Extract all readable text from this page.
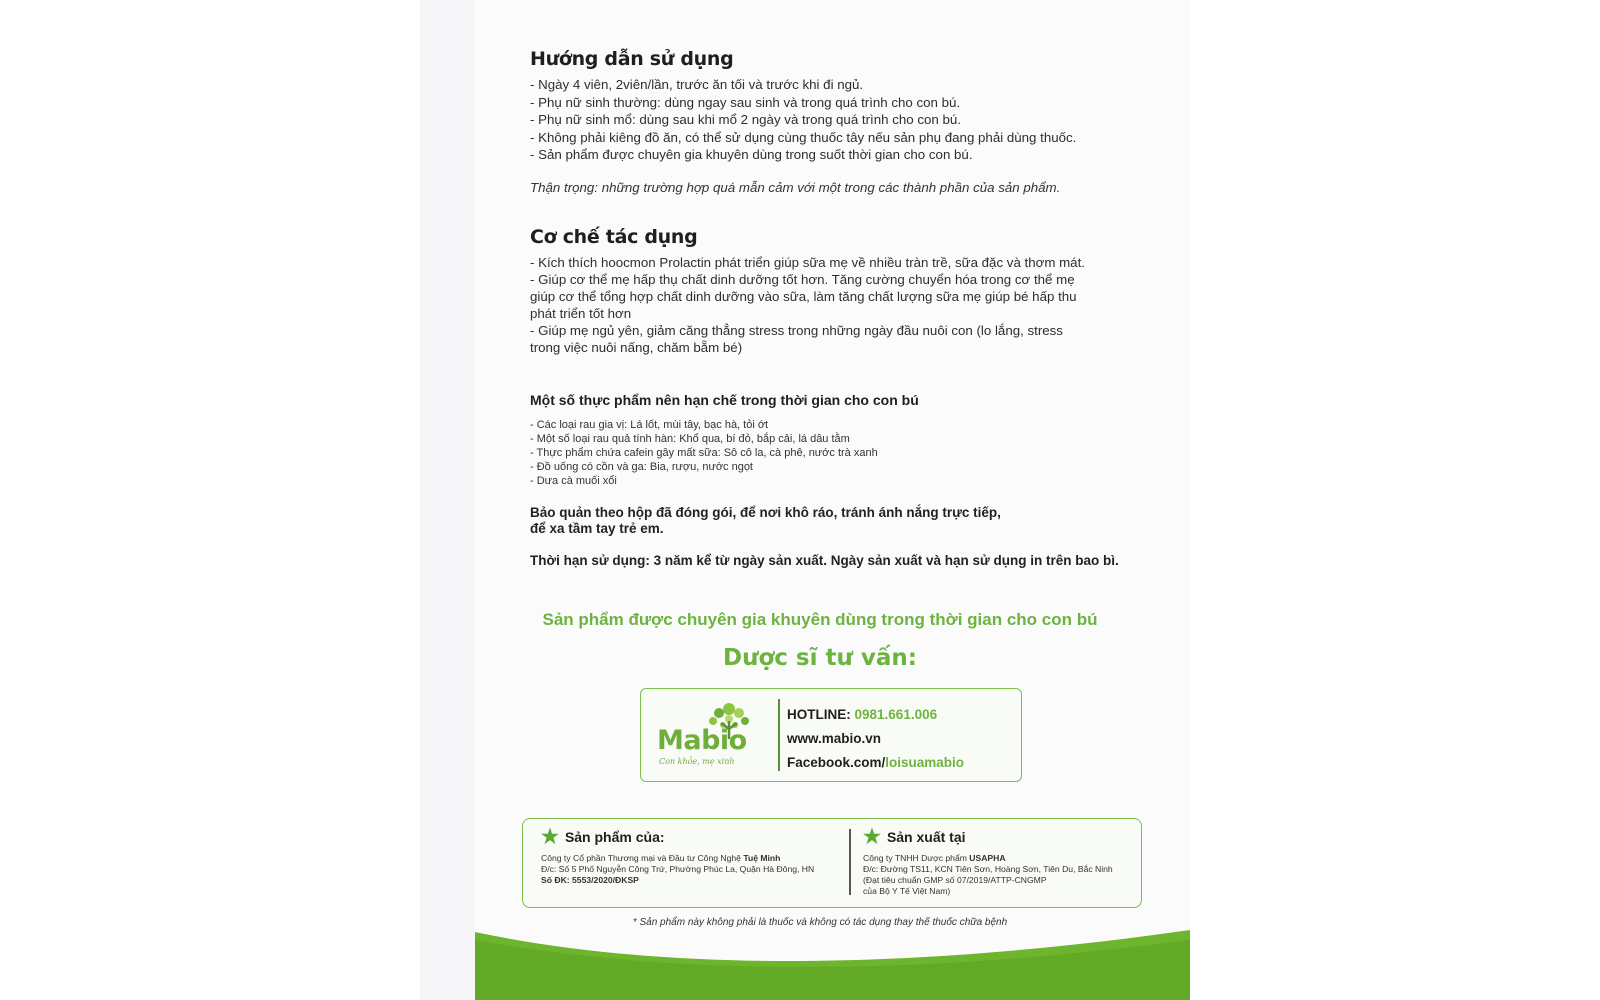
Hướng dẫn sử dụng
- Ngày 4 viên, 2viên/lần, trước ăn tối và trước khi đi ngủ.
- Phụ nữ sinh thường: dùng ngay sau sinh và trong quá trình cho con bú.
- Phụ nữ sinh mổ: dùng sau khi mổ 2 ngày và trong quá trình cho con bú.
- Không phải kiêng đồ ăn, có thể sử dụng cùng thuốc tây nếu sản phụ đang phải dùng thuốc.
- Sản phẩm được chuyên gia khuyên dùng trong suốt thời gian cho con bú.
Thận trọng: những trường hợp quá mẫn cảm với một trong các thành phần của sản phẩm.
Cơ chế tác dụng
- Kích thích hoocmon Prolactin phát triển giúp sữa mẹ về nhiều tràn trề, sữa đặc và thơm mát.
- Giúp cơ thể mẹ hấp thụ chất dinh dưỡng tốt hơn. Tăng cường chuyển hóa trong cơ thể mẹ
giúp cơ thể tổng hợp chất dinh dưỡng vào sữa, làm tăng chất lượng sữa mẹ giúp bé hấp thu
phát triển tốt hơn
- Giúp mẹ ngủ yên, giảm căng thẳng stress trong những ngày đầu nuôi con (lo lắng, stress
trong việc nuôi nấng, chăm bẵm bé)
Một số thực phẩm nên hạn chế trong thời gian cho con bú
- Các loại rau gia vị: Lá lốt, mùi tây, bạc hà, tỏi ớt
- Một số loại rau quả tính hàn: Khổ qua, bí đỏ, bắp cải, lá dâu tằm
- Thực phẩm chứa cafein gây mất sữa: Sô cô la, cà phê, nước trà xanh
- Đồ uống có cồn và ga: Bia, rượu, nước ngọt
- Dưa cà muối xổi

Bảo quản theo hộp đã đóng gói, để nơi khô ráo, tránh ánh nắng trực tiếp,

để xa tầm tay trẻ em.

Thời hạn sử dụng: 3 năm kể từ ngày sản xuất. Ngày sản xuất và hạn sử dụng in trên bao bì.

Sản phẩm được chuyên gia khuyên dùng trong thời gian cho con bú
Dược sĩ tư vấn:
Mabio
Con khỏe, mẹ xinh
HOTLINE: 0981.661.006
www.mabio.vn
Facebook.com/loisuamabio
★ Sản phẩm của:
Công ty Cổ phần Thương mại và Đầu tư Công Nghệ Tuệ Minh
Đ/c: Số 5 Phố Nguyễn Công Trứ, Phường Phúc La, Quận Hà Đông, HN
Số ĐK: 5553/2020/ĐKSP
★ Sản xuất tại
Công ty TNHH Dược phẩm USAPHA
Đ/c: Đường TS11, KCN Tiên Sơn, Hoàng Sơn, Tiên Du, Bắc Ninh
(Đạt tiêu chuẩn GMP số 07/2019/ATTP-CNGMP
của Bộ Y Tế Việt Nam)
* Sản phẩm này không phải là thuốc và không có tác dụng thay thế thuốc chữa bệnh
